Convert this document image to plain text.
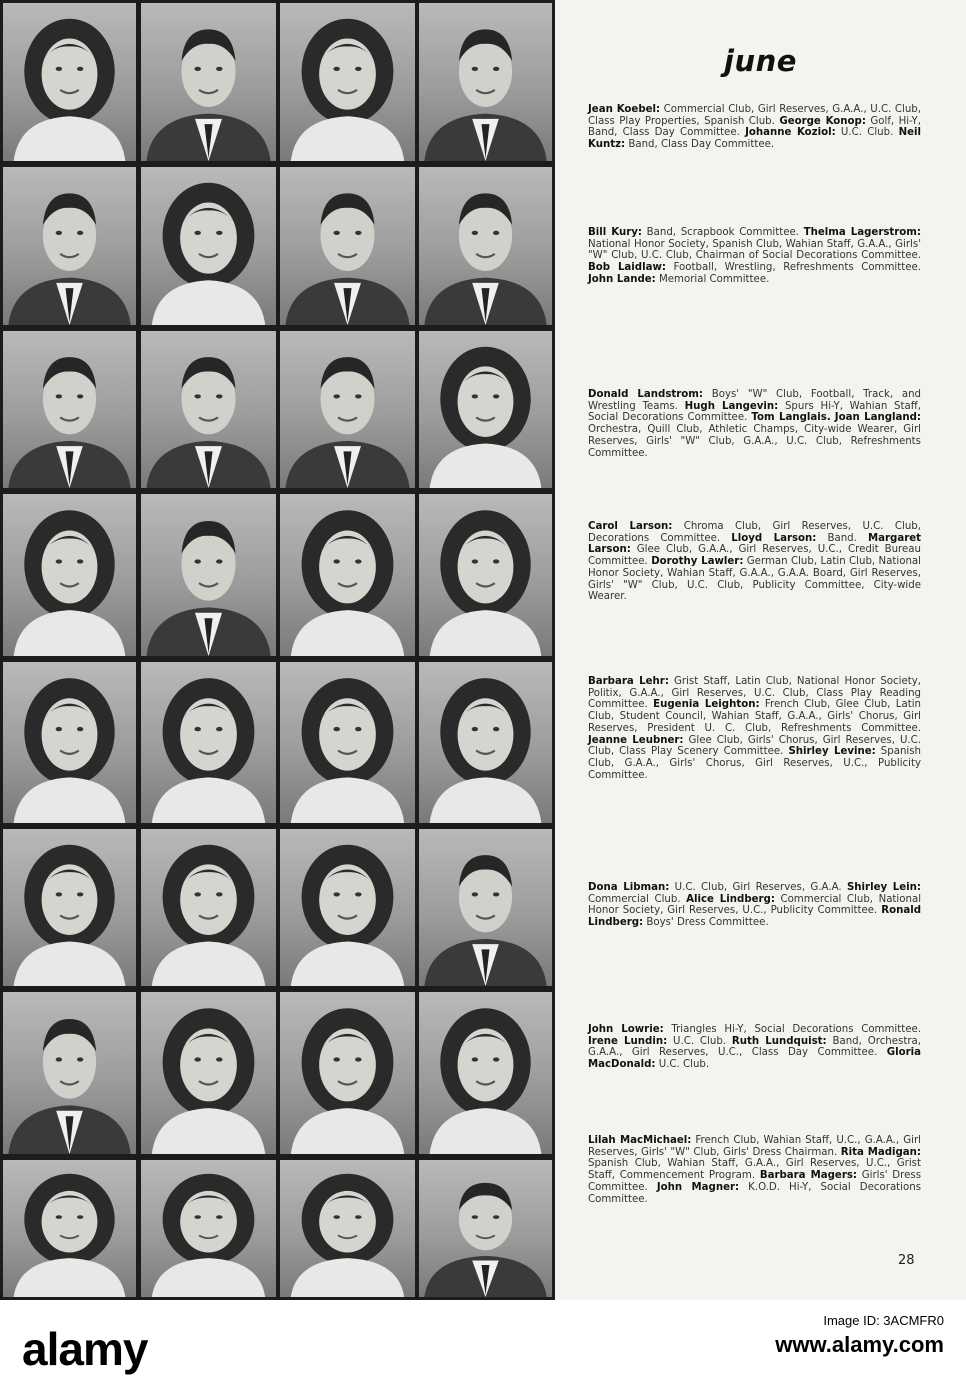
june

Jean Koebel: Commercial Club, Girl Reserves, G.A.A., U.C. Club, Class Play Properties, Spanish Club. George Konop: Golf, Hi-Y, Band, Class Day Committee. Johanne Koziol: U.C. Club. Neil Kuntz: Band, Class Day Committee.

Bill Kury: Band, Scrapbook Committee. Thelma Lagerstrom: National Honor Society, Spanish Club, Wahian Staff, G.A.A., Girls' "W" Club, U.C. Club, Chairman of Social Decorations Committee. Bob Laidlaw: Football, Wrestling, Refreshments Committee. John Lande: Memorial Committee.

Donald Landstrom: Boys' "W" Club, Football, Track, and Wrestling Teams. Hugh Langevin: Spurs Hi-Y, Wahian Staff, Social Decorations Committee. Tom Langlais. Joan Langland: Orchestra, Quill Club, Athletic Champs, City-wide Wearer, Girl Reserves, Girls' "W" Club, G.A.A., U.C. Club, Refreshments Committee.

Carol Larson: Chroma Club, Girl Reserves, U.C. Club, Decorations Committee. Lloyd Larson: Band. Margaret Larson: Glee Club, G.A.A., Girl Reserves, U.C., Credit Bureau Committee. Dorothy Lawler: German Club, Latin Club, National Honor Society, Wahian Staff, G.A.A., G.A.A. Board, Girl Reserves, Girls' "W" Club, U.C. Club, Publicity Committee, City-wide Wearer.

Barbara Lehr: Grist Staff, Latin Club, National Honor Society, Politix, G.A.A., Girl Reserves, U.C. Club, Class Play Reading Committee. Eugenia Leighton: French Club, Glee Club, Latin Club, Student Council, Wahian Staff, G.A.A., Girls' Chorus, Girl Reserves, President U. C. Club, Refreshments Committee. Jeanne Leubner: Glee Club, Girls' Chorus, Girl Reserves, U.C. Club, Class Play Scenery Committee. Shirley Levine: Spanish Club, G.A.A., Girls' Chorus, Girl Reserves, U.C., Publicity Committee.

Dona Libman: U.C. Club, Girl Reserves, G.A.A. Shirley Lein: Commercial Club. Alice Lindberg: Commercial Club, National Honor Society, Girl Reserves, U.C., Publicity Committee. Ronald Lindberg: Boys' Dress Committee.

John Lowrie: Triangles Hi-Y, Social Decorations Committee. Irene Lundin: U.C. Club. Ruth Lundquist: Band, Orchestra, G.A.A., Girl Reserves, U.C., Class Day Committee. Gloria MacDonald: U.C. Club.

Lilah MacMichael: French Club, Wahian Staff, U.C., G.A.A., Girl Reserves, Girls' "W" Club, Girls' Dress Chairman. Rita Madigan: Spanish Club, Wahian Staff, G.A.A., Girl Reserves, U.C., Grist Staff, Commencement Program. Barbara Magers: Girls' Dress Committee. John Magner: K.O.D. Hi-Y, Social Decorations Committee.

28
alamy
Image ID: 3ACMFR0
www.alamy.com
